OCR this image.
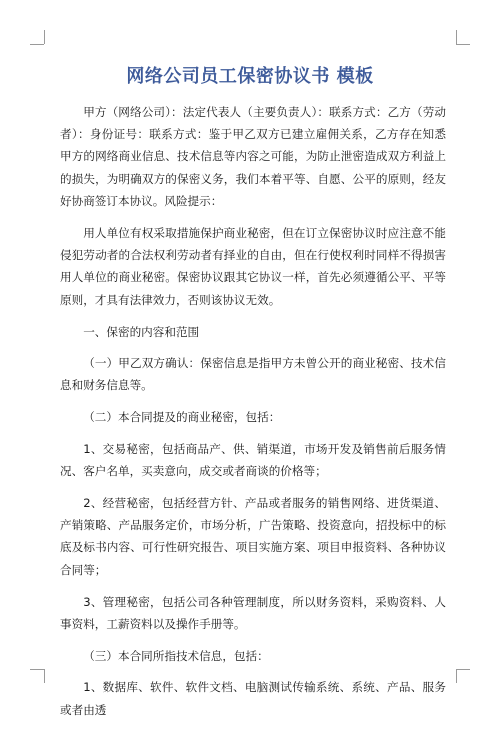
网络公司员工保密协议书 模板

甲方（网络公司）：法定代表人（主要负责人）：联系方式：乙方（劳动者）：身份证号：联系方式：鉴于甲乙双方已建立雇佣关系，乙方存在知悉甲方的网络商业信息、技术信息等内容之可能，为防止泄密造成双方利益上的损失，为明确双方的保密义务，我们本着平等、自愿、公平的原则，经友好协商签订本协议。风险提示：

用人单位有权采取措施保护商业秘密，但在订立保密协议时应注意不能侵犯劳动者的合法权利劳动者有择业的自由，但在行使权利时同样不得损害用人单位的商业秘密。保密协议跟其它协议一样，首先必须遵循公平、平等原则，才具有法律效力，否则该协议无效。

一、保密的内容和范围

（一）甲乙双方确认：保密信息是指甲方未曾公开的商业秘密、技术信息和财务信息等。

（二）本合同提及的商业秘密，包括：

1、交易秘密，包括商品产、供、销渠道，市场开发及销售前后服务情况、客户名单，买卖意向，成交或者商谈的价格等；

2、经营秘密，包括经营方针、产品或者服务的销售网络、进货渠道、产销策略、产品服务定价，市场分析，广告策略、投资意向，招投标中的标底及标书内容、可行性研究报告、项目实施方案、项目申报资料、各种协议合同等；

3、管理秘密，包括公司各种管理制度，所以财务资料，采购资料、人事资料，工薪资料以及操作手册等。

（三）本合同所指技术信息，包括：

1、数据库、软件、软件文档、电脑测试传输系统、系统、产品、服务或者由透
